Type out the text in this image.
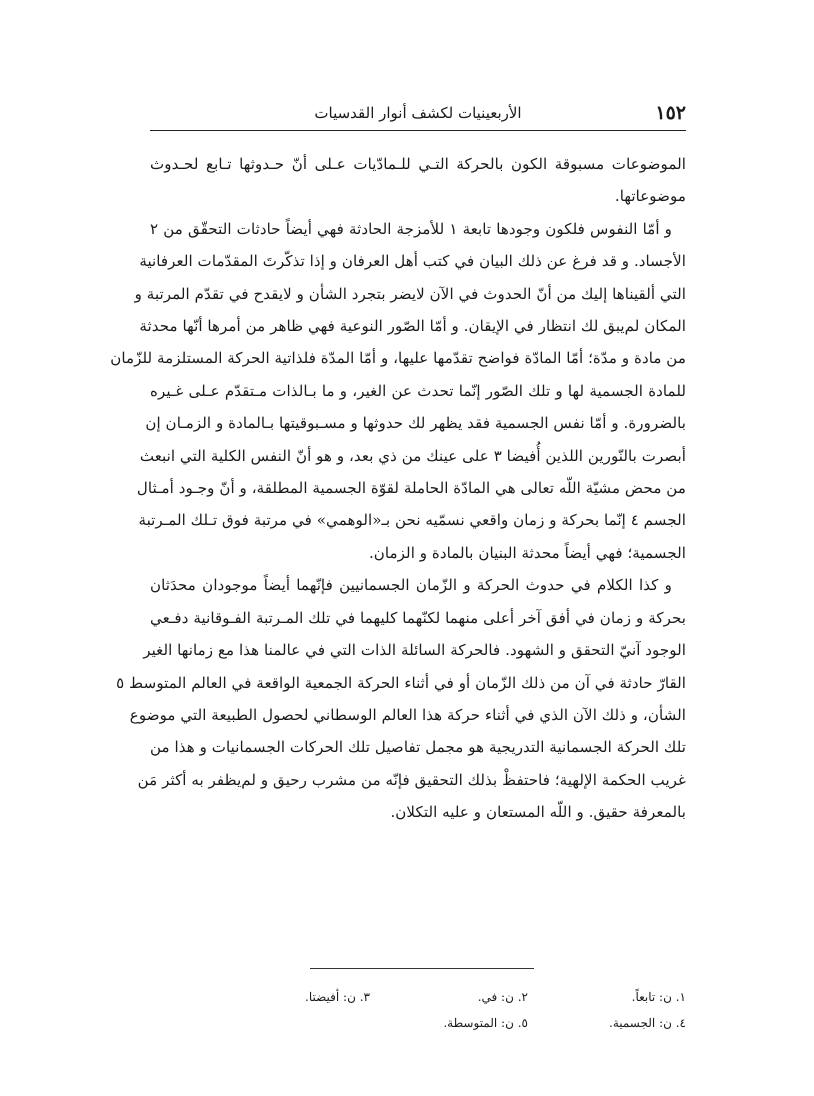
١٥٢
الأربعينيات لكشف أنوار القدسيات
الموضوعات مسبوقة الكون بالحركة التـي للـمادّيات عـلى أنّ حـدوثها تـابع لحـدوث
موضوعاتها.
و أمّا النفوس فلكون وجودها تابعة ١ للأمزجة الحادثة فهي أيضاً حادثات التحقّق من ٢
الأجساد. و قد فرغ عن ذلك البيان في كتب أهل العرفان و إذا تذكّرتَ المقدّمات العرفانية
التي ألقيناها إليك من أنّ الحدوث في الآن لايضر بتجرد الشأن و لايقدح في تقدّم المرتبة و
المكان لم‌يبق لك انتظار في الإيقان. و أمّا الصّور النوعية فهي ظاهر من أمرها أنّها محدثة
من مادة و مدّة؛ أمّا المادّة فواضح تقدّمها عليها، و أمّا المدّة فلذاتية الحركة المستلزمة للزّمان
للمادة الجسمية لها و تلك الصّور إنّما تحدث عن الغير، و ما بـالذات مـتقدّم عـلى غـيره
بالضرورة. و أمّا نفس الجسمية فقد يظهر لك حدوثها و مسـبوقيتها بـالمادة و الزمـان إن
أبصرت بالنّورين اللذين أُفيضا ٣ على عينك من ذي بعد، و هو أنّ النفس الكلية التي انبعث
من محض مشيّة اللّه تعالى هي المادّة الحاملة لقوّة الجسمية المطلقة، و أنّ وجـود أمـثال
الجسم ٤ إنّما بحركة و زمان واقعي نسمّيه نحن بـ«الوهمي» في مرتبة فوق تـلك المـرتبة
الجسمية؛ فهي أيضاً محدثة البنيان بالمادة و الزمان.
و كذا الكلام في حدوث الحركة و الزّمان الجسمانيين فإنّهما أيضاً موجودان محدَثان
بحركة و زمان في أفق آخر أعلى منهما لكنّهما كليهما في تلك المـرتبة الفـوقانية دفـعي
الوجود آنيّ التحقق و الشهود. فالحركة السائلة الذات التي في عالمنا هذا مع زمانها الغير
القارّ حادثة في آن من ذلك الزّمان أو في أثناء الحركة الجمعية الواقعة في العالم المتوسط ٥
الشأن، و ذلك الآن الذي في أثناء حركة هذا العالم الوسطاني لحصول الطبيعة التي موضوع
تلك الحركة الجسمانية التدريجية هو مجمل تفاصيل تلك الحركات الجسمانيات و هذا من
غريب الحكمة الإلهية؛ فاحتفظْ بذلك التحقيق فإنّه من مشرب رحيق و لم‌يظفر به أكثر مَن
بالمعرفة حقيق. و اللّه المستعان و عليه التكلان.
١. ن: تابعاً.
٢. ن: في.
٣. ن: أفيضتا.
٤. ن: الجسمية.
٥. ن: المتوسطة.
